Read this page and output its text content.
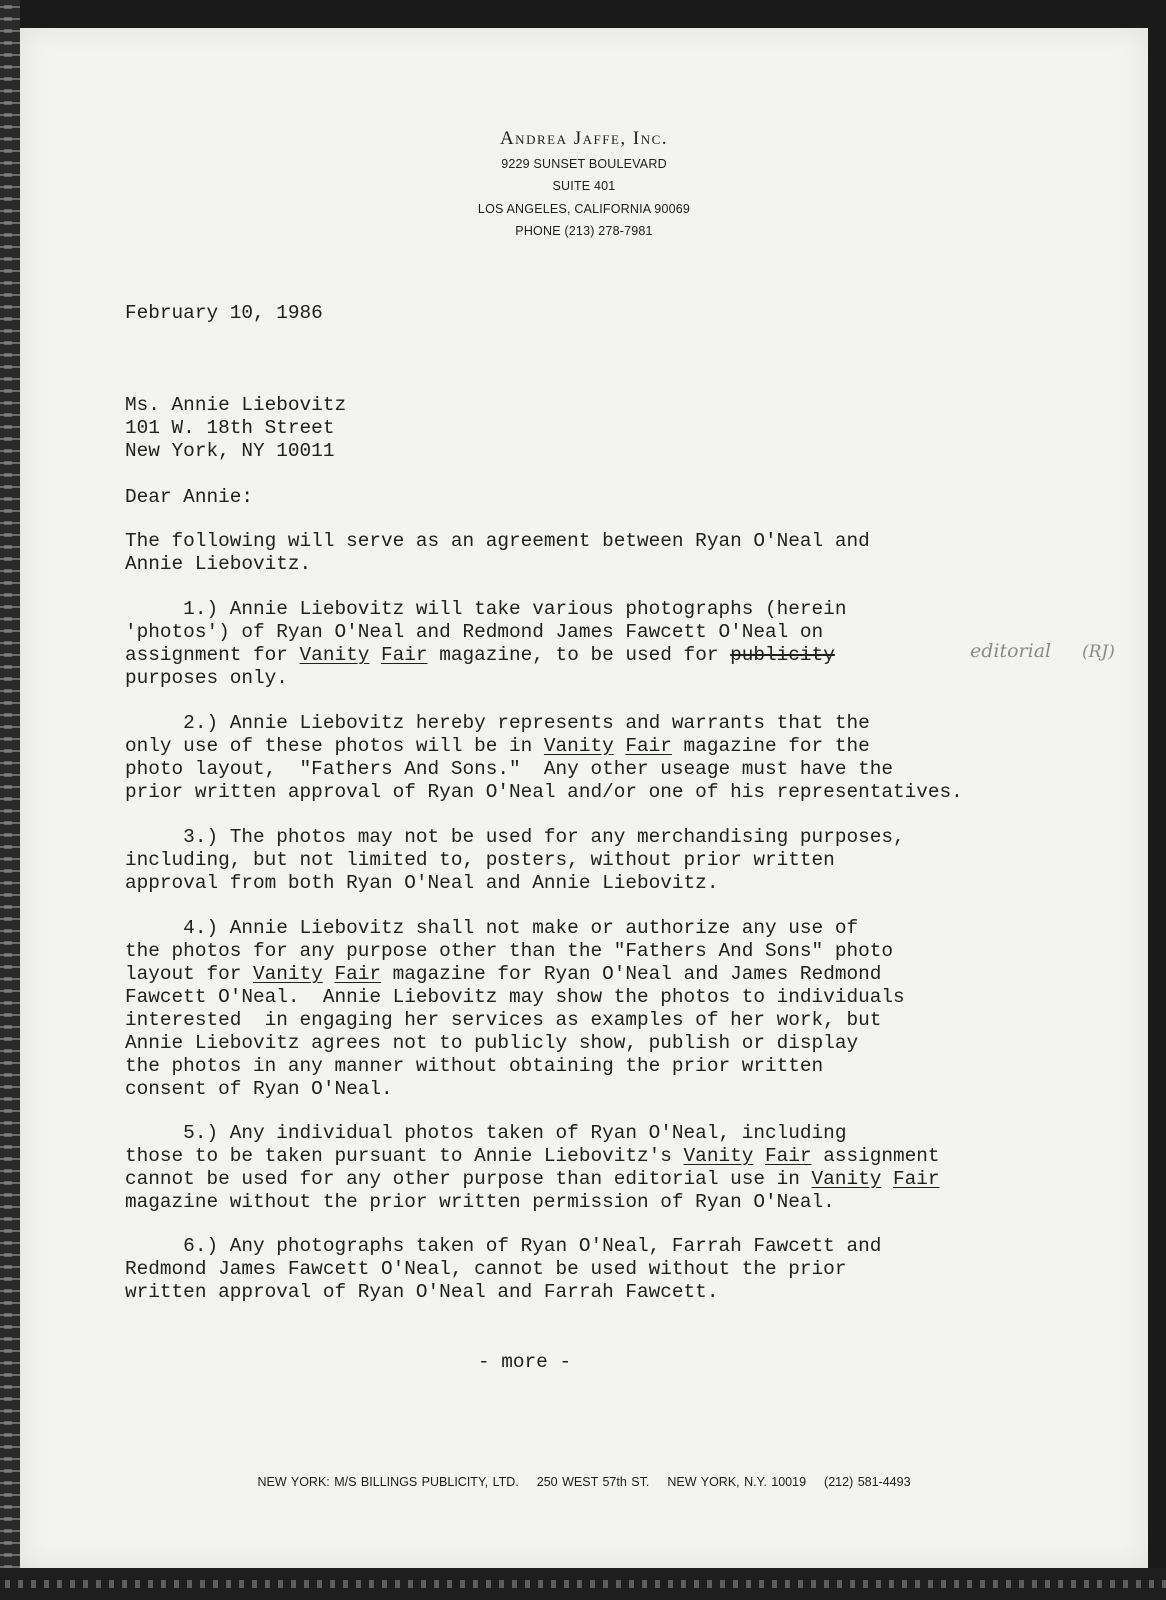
Andrea Jaffe, Inc.
9229 SUNSET BOULEVARD
SUITE 401
LOS ANGELES, CALIFORNIA 90069
PHONE (213) 278-7981
February 10, 1986
Ms. Annie Liebovitz
101 W. 18th Street
New York, NY 10011
Dear Annie:
The following will serve as an agreement between Ryan O'Neal and
Annie Liebovitz.
1.) Annie Liebovitz will take various photographs (herein
'photos') of Ryan O'Neal and Redmond James Fawcett O'Neal on
assignment for Vanity Fair magazine, to be used for publicity	editorial (RJ)
purposes only.
2.) Annie Liebovitz hereby represents and warrants that the
only use of these photos will be in Vanity Fair magazine for the
photo layout,  "Fathers And Sons."  Any other useage must have the
prior written approval of Ryan O'Neal and/or one of his representatives.
3.) The photos may not be used for any merchandising purposes,
including, but not limited to, posters, without prior written
approval from both Ryan O'Neal and Annie Liebovitz.
4.) Annie Liebovitz shall not make or authorize any use of
the photos for any purpose other than the "Fathers And Sons" photo
layout for Vanity Fair magazine for Ryan O'Neal and James Redmond
Fawcett O'Neal.  Annie Liebovitz may show the photos to individuals
interested  in engaging her services as examples of her work, but
Annie Liebovitz agrees not to publicly show, publish or display
the photos in any manner without obtaining the prior written
consent of Ryan O'Neal.
5.) Any individual photos taken of Ryan O'Neal, including
those to be taken pursuant to Annie Liebovitz's Vanity Fair assignment
cannot be used for any other purpose than editorial use in Vanity Fair
magazine without the prior written permission of Ryan O'Neal.
6.) Any photographs taken of Ryan O'Neal, Farrah Fawcett and
Redmond James Fawcett O'Neal, cannot be used without the prior
written approval of Ryan O'Neal and Farrah Fawcett.
- more -
NEW YORK: M/S BILLINGS PUBLICITY, LTD. 250 WEST 57th ST. NEW YORK, N.Y. 10019 (212) 581-4493
